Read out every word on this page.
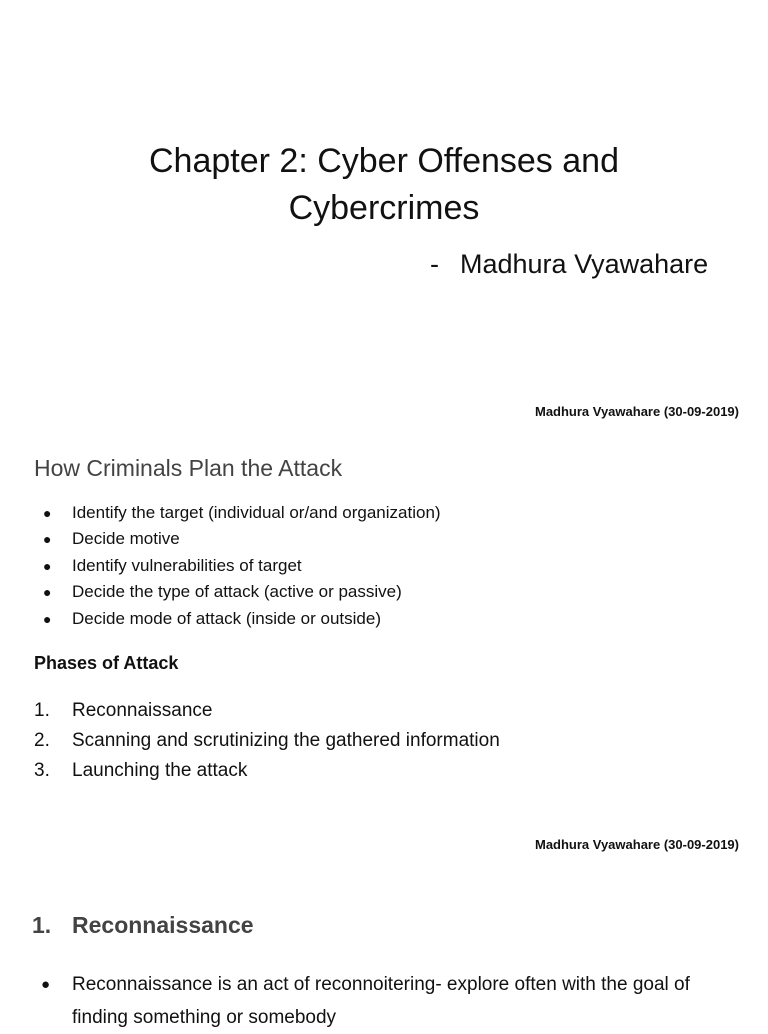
Chapter 2: Cyber Offenses and
Cybercrimes
- Madhura Vyawahare
Madhura Vyawahare (30-09-2019)
How Criminals Plan the Attack
● Identify the target (individual or/and organization)
● Decide motive
● Identify vulnerabilities of target
● Decide the type of attack (active or passive)
● Decide mode of attack (inside or outside)
Phases of Attack
1. Reconnaissance
2. Scanning and scrutinizing the gathered information
3. Launching the attack
Madhura Vyawahare (30-09-2019)
1. Reconnaissance
● Reconnaissance is an act of reconnoitering- explore often with the goal of finding something or somebody
